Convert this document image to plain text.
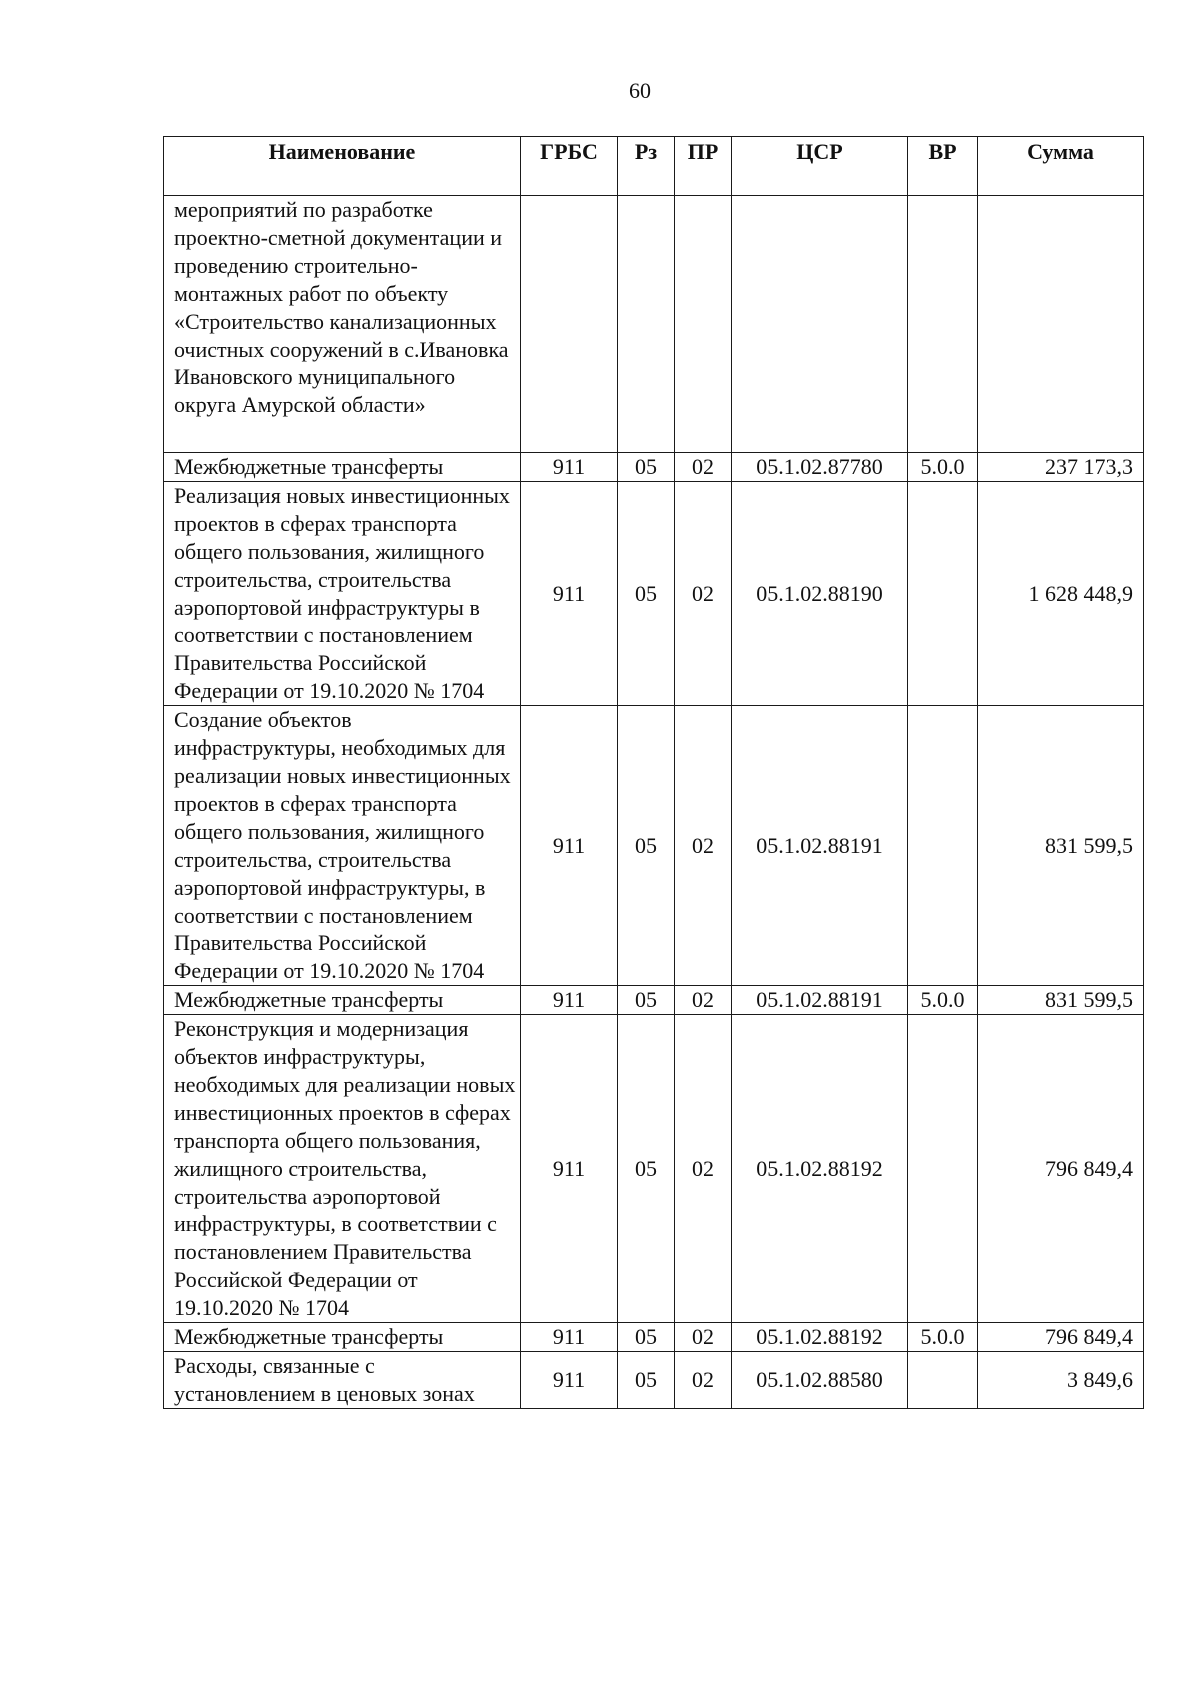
60
Наименование	ГРБС	Рз	ПР	ЦСР	ВР	Сумма
мероприятий по разработке проектно-сметной документации и проведению строительно-монтажных работ по объекту «Строительство канализационных очистных сооружений в с.Ивановка Ивановского муниципального округа Амурской области»						
Межбюджетные трансферты	911	05	02	05.1.02.87780	5.0.0	237 173,3
Реализация новых инвестиционных проектов в сферах транспорта общего пользования, жилищного строительства, строительства аэропортовой инфраструктуры в соответствии с постановлением Правительства Российской Федерации от 19.10.2020 № 1704	911	05	02	05.1.02.88190		1 628 448,9
Создание объектов инфраструктуры, необходимых для реализации новых инвестиционных проектов в сферах транспорта общего пользования, жилищного строительства, строительства аэропортовой инфраструктуры, в соответствии с постановлением Правительства Российской Федерации от 19.10.2020 № 1704	911	05	02	05.1.02.88191		831 599,5
Межбюджетные трансферты	911	05	02	05.1.02.88191	5.0.0	831 599,5
Реконструкция и модернизация объектов инфраструктуры, необходимых для реализации новых инвестиционных проектов в сферах транспорта общего пользования, жилищного строительства, строительства аэропортовой инфраструктуры, в соответствии с постановлением Правительства Российской Федерации от 19.10.2020 № 1704	911	05	02	05.1.02.88192		796 849,4
Межбюджетные трансферты	911	05	02	05.1.02.88192	5.0.0	796 849,4
Расходы, связанные с установлением в ценовых зонах	911	05	02	05.1.02.88580		3 849,6
